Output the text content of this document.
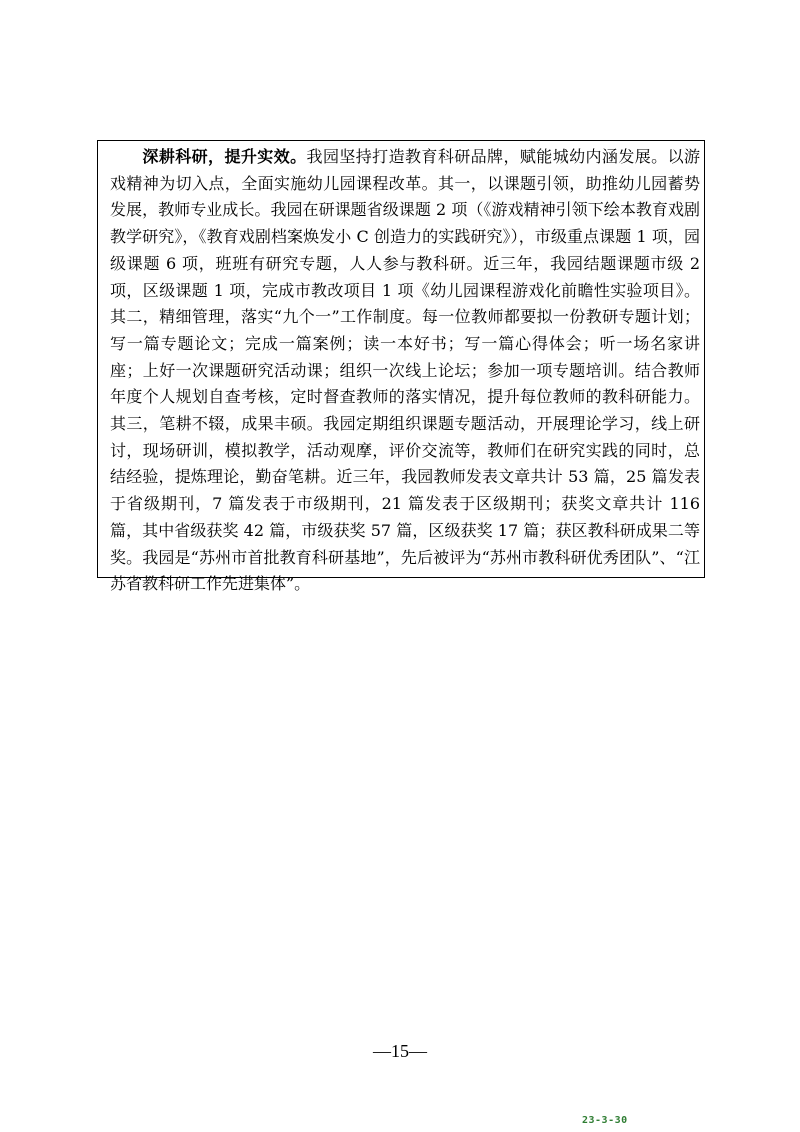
深耕科研，提升实效。我园坚持打造教育科研品牌，赋能城幼内涵发展。以游戏精神为切入点，全面实施幼儿园课程改革。其一，以课题引领，助推幼儿园蓄势发展，教师专业成长。我园在研课题省级课题 2 项（《游戏精神引领下绘本教育戏剧教学研究》，《教育戏剧档案焕发小 C 创造力的实践研究》），市级重点课题 1 项，园级课题 6 项，班班有研究专题，人人参与教科研。近三年，我园结题课题市级 2 项，区级课题 1 项，完成市教改项目 1 项《幼儿园课程游戏化前瞻性实验项目》。其二，精细管理，落实“九个一”工作制度。每一位教师都要拟一份教研专题计划；写一篇专题论文；完成一篇案例；读一本好书；写一篇心得体会；听一场名家讲座；上好一次课题研究活动课；组织一次线上论坛；参加一项专题培训。结合教师年度个人规划自查考核，定时督查教师的落实情况，提升每位教师的教科研能力。其三，笔耕不辍，成果丰硕。我园定期组织课题专题活动，开展理论学习，线上研讨，现场研训，模拟教学，活动观摩，评价交流等，教师们在研究实践的同时，总结经验，提炼理论，勤奋笔耕。近三年，我园教师发表文章共计 53 篇，25 篇发表于省级期刊，7 篇发表于市级期刊，21 篇发表于区级期刊；获奖文章共计 116 篇，其中省级获奖 42 篇，市级获奖 57 篇，区级获奖 17 篇；获区教科研成果二等奖。我园是“苏州市首批教育科研基地”，先后被评为“苏州市教科研优秀团队”、“江苏省教科研工作先进集体”。

—15—
23-3-30
